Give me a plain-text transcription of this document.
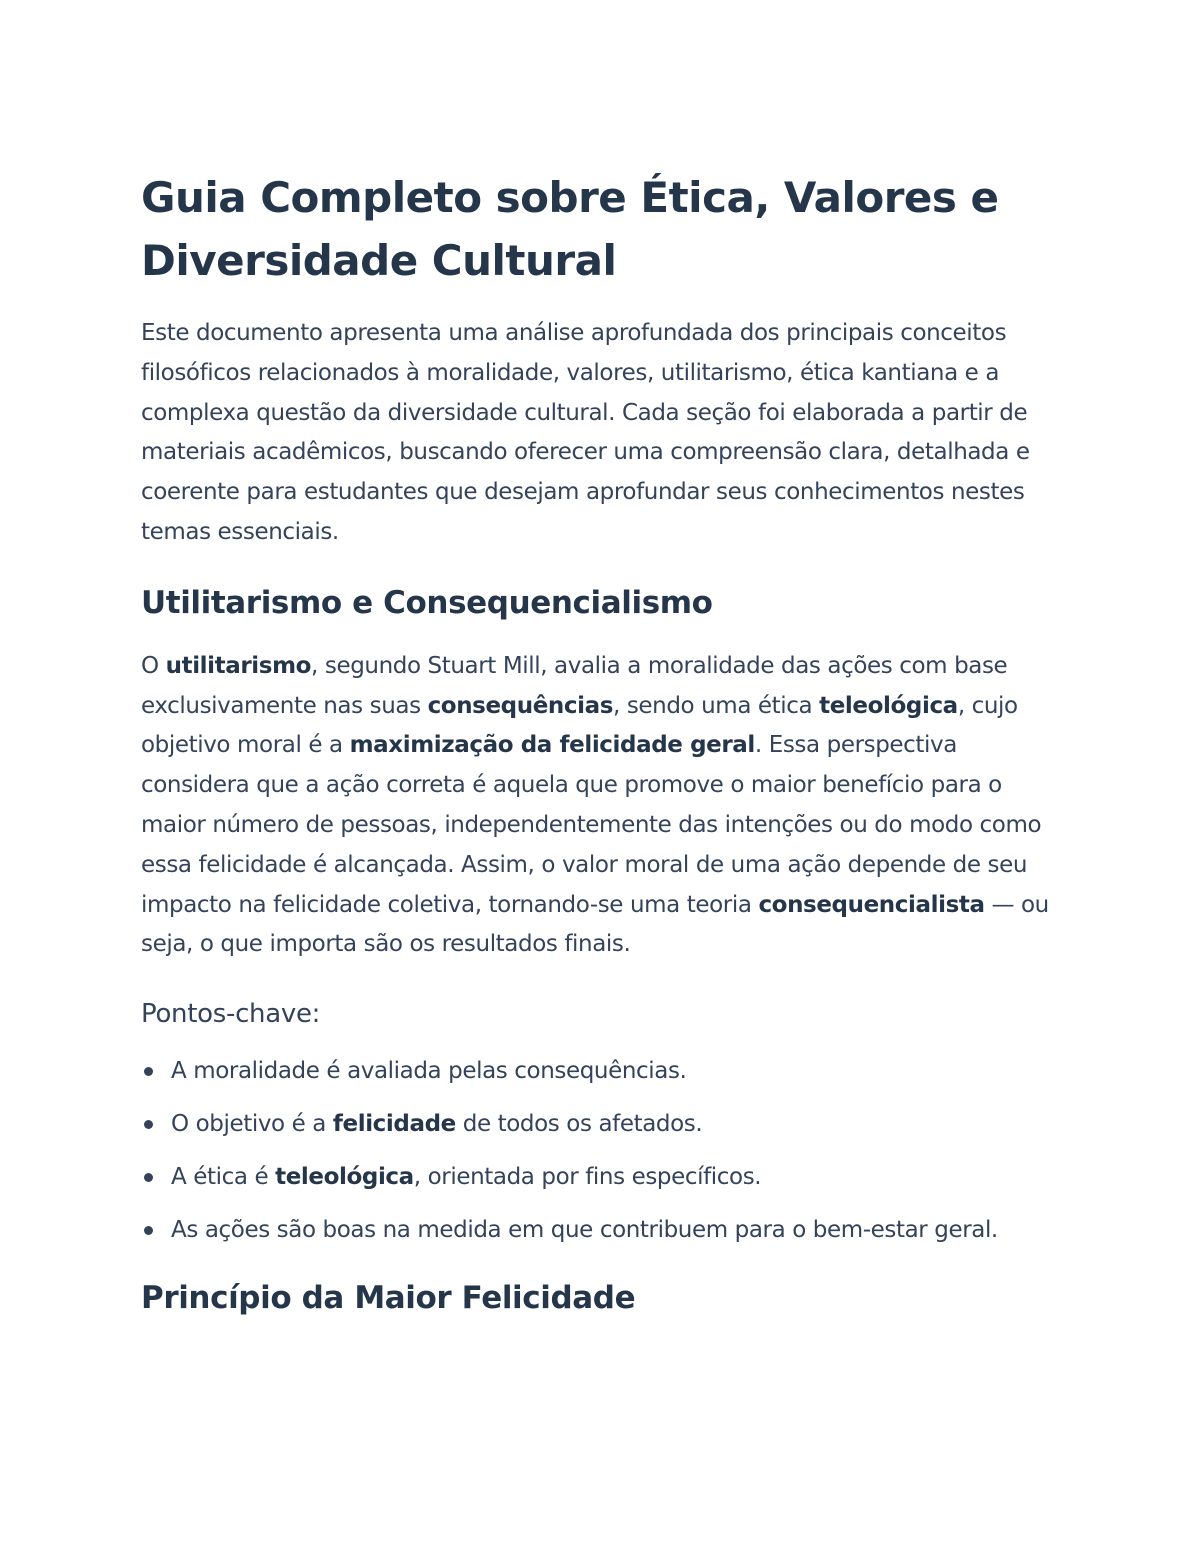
Guia Completo sobre Ética, Valores e Diversidade Cultural

Este documento apresenta uma análise aprofundada dos principais conceitos filosóficos relacionados à moralidade, valores, utilitarismo, ética kantiana e a complexa questão da diversidade cultural. Cada seção foi elaborada a partir de materiais acadêmicos, buscando oferecer uma compreensão clara, detalhada e coerente para estudantes que desejam aprofundar seus conhecimentos nestes temas essenciais.

Utilitarismo e Consequencialismo

O utilitarismo, segundo Stuart Mill, avalia a moralidade das ações com base exclusivamente nas suas consequências, sendo uma ética teleológica, cujo objetivo moral é a maximização da felicidade geral. Essa perspectiva considera que a ação correta é aquela que promove o maior benefício para o maior número de pessoas, independentemente das intenções ou do modo como essa felicidade é alcançada. Assim, o valor moral de uma ação depende de seu impacto na felicidade coletiva, tornando-se uma teoria consequencialista — ou seja, o que importa são os resultados finais.

Pontos-chave:
A moralidade é avaliada pelas consequências.
O objetivo é a felicidade de todos os afetados.
A ética é teleológica, orientada por fins específicos.
As ações são boas na medida em que contribuem para o bem-estar geral.
Princípio da Maior Felicidade
